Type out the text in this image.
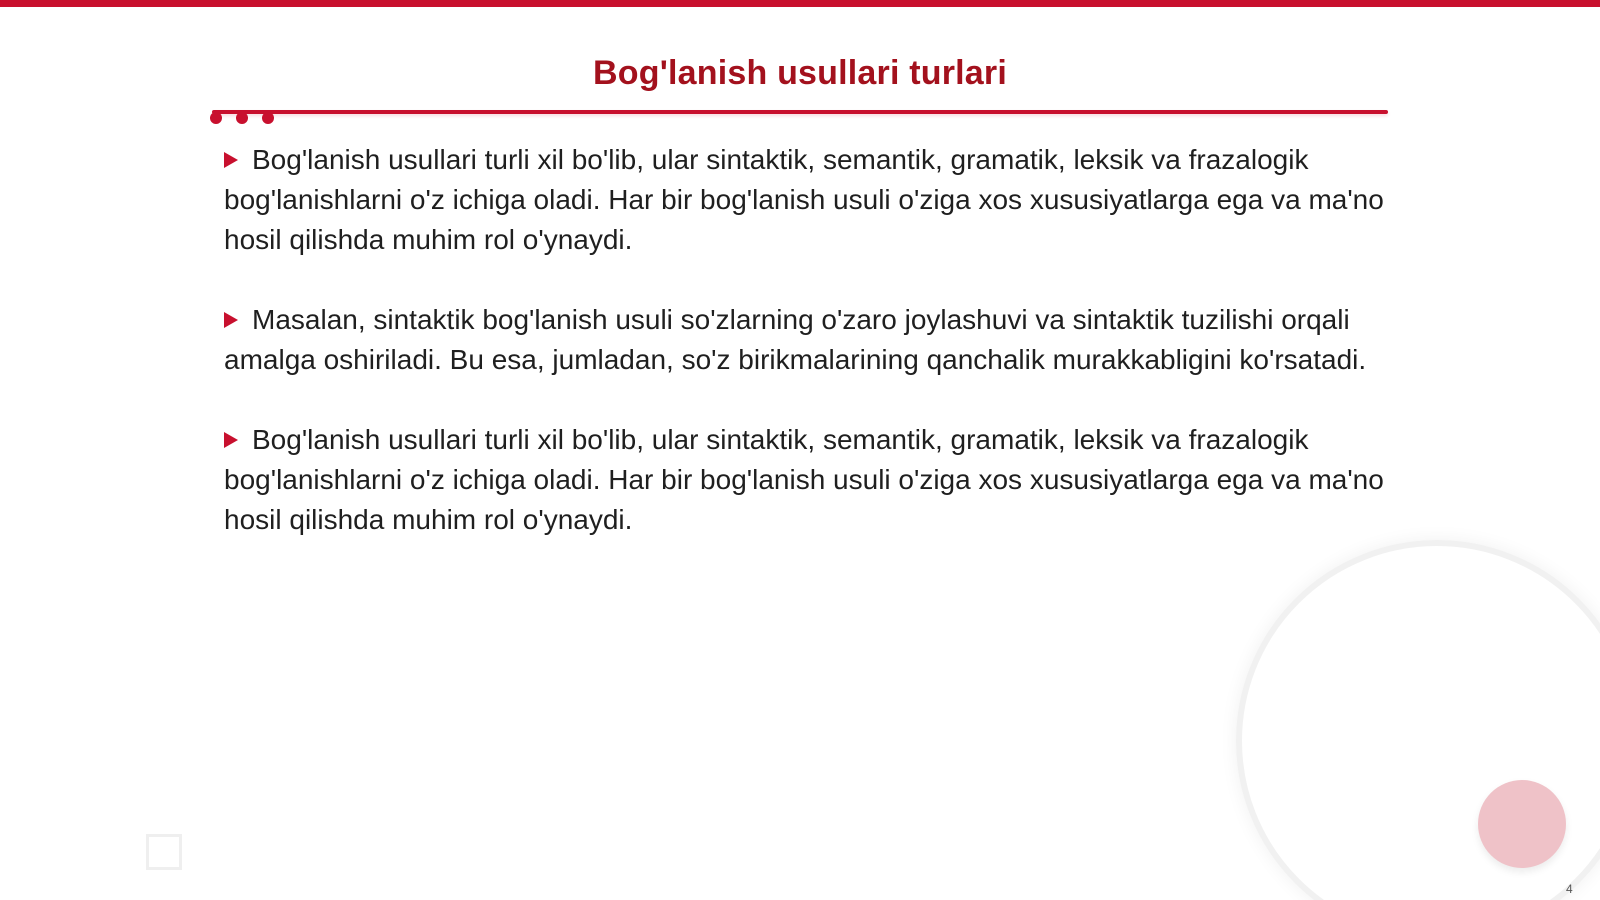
Bog'lanish usullari turlari

Bog'lanish usullari turli xil bo'lib, ular sintaktik, semantik, gramatik, leksik va frazalogik bog'lanishlarni o'z ichiga oladi. Har bir bog'lanish usuli o'ziga xos xususiyatlarga ega va ma'no hosil qilishda muhim rol o'ynaydi.

Masalan, sintaktik bog'lanish usuli so'zlarning o'zaro joylashuvi va sintaktik tuzilishi orqali amalga oshiriladi. Bu esa, jumladan, so'z birikmalarining qanchalik murakkabligini ko'rsatadi.

Bog'lanish usullari turli xil bo'lib, ular sintaktik, semantik, gramatik, leksik va frazalogik bog'lanishlarni o'z ichiga oladi. Har bir bog'lanish usuli o'ziga xos xususiyatlarga ega va ma'no hosil qilishda muhim rol o'ynaydi.

4
